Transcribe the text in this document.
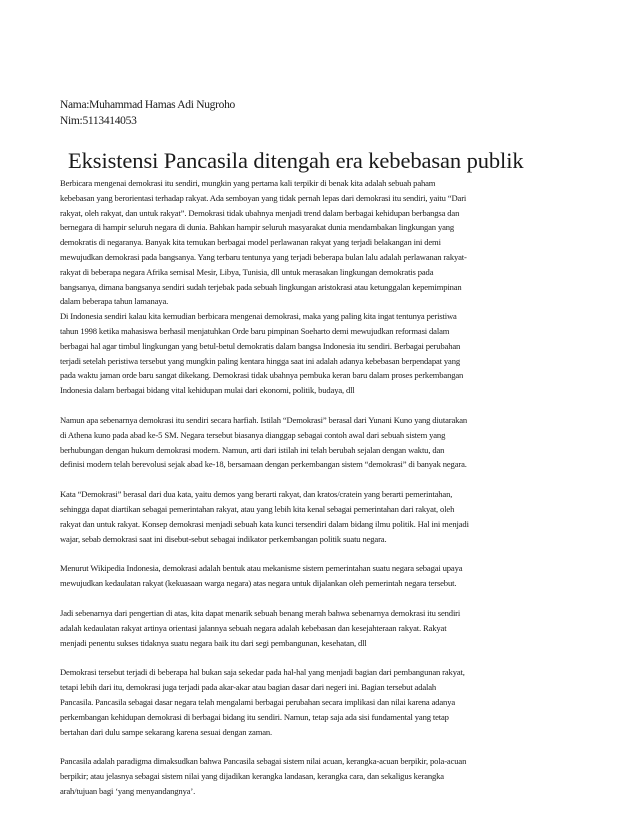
Nama:Muhammad Hamas Adi Nugroho
Nim:5113414053
Eksistensi Pancasila ditengah era kebebasan publik
Berbicara mengenai demokrasi itu sendiri, mungkin yang pertama kali terpikir di benak kita adalah sebuah paham
kebebasan yang berorientasi terhadap rakyat. Ada semboyan yang tidak pernah lepas dari demokrasi itu sendiri, yaitu “Dari
rakyat, oleh rakyat, dan untuk rakyat”. Demokrasi tidak ubahnya menjadi trend dalam berbagai kehidupan berbangsa dan
bernegara di hampir seluruh negara di dunia. Bahkan hampir seluruh masyarakat dunia mendambakan lingkungan yang
demokratis di negaranya. Banyak kita temukan berbagai model perlawanan rakyat yang terjadi belakangan ini demi
mewujudkan demokrasi pada bangsanya. Yang terbaru tentunya yang terjadi beberapa bulan lalu adalah perlawanan rakyat-
rakyat di beberapa negara Afrika semisal Mesir, Libya, Tunisia, dll untuk merasakan lingkungan demokratis pada
bangsanya, dimana bangsanya sendiri sudah terjebak pada sebuah lingkungan aristokrasi atau ketunggalan kepemimpinan
dalam beberapa tahun lamanaya.
Di Indonesia sendiri kalau kita kemudian berbicara mengenai demokrasi, maka yang paling kita ingat tentunya peristiwa
tahun 1998 ketika mahasiswa berhasil menjatuhkan Orde baru pimpinan Soeharto demi mewujudkan reformasi dalam
berbagai hal agar timbul lingkungan yang betul-betul demokratis dalam bangsa Indonesia itu sendiri. Berbagai perubahan
terjadi setelah peristiwa tersebut yang mungkin paling kentara hingga saat ini adalah adanya kebebasan berpendapat yang
pada waktu jaman orde baru sangat dikekang. Demokrasi tidak ubahnya pembuka keran baru dalam proses perkembangan
Indonesia dalam berbagai bidang vital kehidupan mulai dari ekonomi, politik, budaya, dll
Namun apa sebenarnya demokrasi itu sendiri secara harfiah. Istilah “Demokrasi” berasal dari Yunani Kuno yang diutarakan
di Athena kuno pada abad ke-5 SM. Negara tersebut biasanya dianggap sebagai contoh awal dari sebuah sistem yang
berhubungan dengan hukum demokrasi modern. Namun, arti dari istilah ini telah berubah sejalan dengan waktu, dan
definisi modern telah berevolusi sejak abad ke-18, bersamaan dengan perkembangan sistem “demokrasi” di banyak negara.
Kata “Demokrasi” berasal dari dua kata, yaitu demos yang berarti rakyat, dan kratos/cratein yang berarti pemerintahan,
sehingga dapat diartikan sebagai pemerintahan rakyat, atau yang lebih kita kenal sebagai pemerintahan dari rakyat, oleh
rakyat dan untuk rakyat. Konsep demokrasi menjadi sebuah kata kunci tersendiri dalam bidang ilmu politik. Hal ini menjadi
wajar, sebab demokrasi saat ini disebut-sebut sebagai indikator perkembangan politik suatu negara.
Menurut Wikipedia Indonesia, demokrasi adalah bentuk atau mekanisme sistem pemerintahan suatu negara sebagai upaya
mewujudkan kedaulatan rakyat (kekuasaan warga negara) atas negara untuk dijalankan oleh pemerintah negara tersebut.
Jadi sebenarnya dari pengertian di atas, kita dapat menarik sebuah benang merah bahwa sebenarnya demokrasi itu sendiri
adalah kedaulatan rakyat artinya orientasi jalannya sebuah negara adalah kebebasan dan kesejahteraan rakyat. Rakyat
menjadi penentu sukses tidaknya suatu negara baik itu dari segi pembangunan, kesehatan, dll
Demokrasi tersebut terjadi di beberapa hal bukan saja sekedar pada hal-hal yang menjadi bagian dari pembangunan rakyat,
tetapi lebih dari itu, demokrasi juga terjadi pada akar-akar atau bagian dasar dari negeri ini. Bagian tersebut adalah
Pancasila. Pancasila sebagai dasar negara telah mengalami berbagai perubahan secara implikasi dan nilai karena adanya
perkembangan kehidupan demokrasi di berbagai bidang itu sendiri. Namun, tetap saja ada sisi fundamental yang tetap
bertahan dari dulu sampe sekarang karena sesuai dengan zaman.
Pancasila adalah paradigma dimaksudkan bahwa Pancasila sebagai sistem nilai acuan, kerangka-acuan berpikir, pola-acuan
berpikir; atau jelasnya sebagai sistem nilai yang dijadikan kerangka landasan, kerangka cara, dan sekaligus kerangka
arah/tujuan bagi ‘yang menyandangnya’.
